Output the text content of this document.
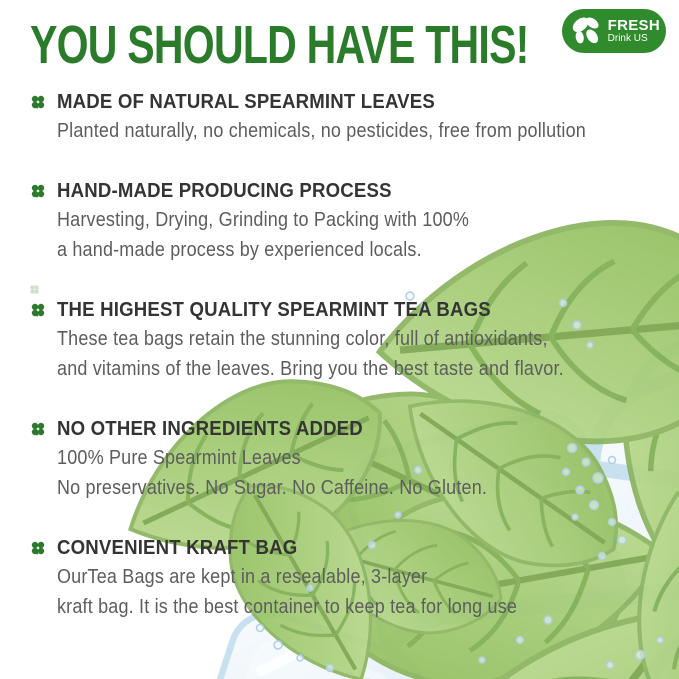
YOU SHOULD HAVE THIS!	FRESH
Drink US
MADE OF NATURAL SPEARMINT LEAVES

Planted naturally, no chemicals, no pesticides, free from pollution

HAND-MADE PRODUCING PROCESS

Harvesting, Drying, Grinding to Packing with 100%

a hand-made process by experienced locals.

THE HIGHEST QUALITY SPEARMINT TEA BAGS

These tea bags retain the stunning color, full of antioxidants,

and vitamins of the leaves. Bring you the best taste and flavor.

NO OTHER INGREDIENTS ADDED

100% Pure Spearmint Leaves

No preservatives. No Sugar. No Caffeine. No Gluten.

CONVENIENT KRAFT BAG

OurTea Bags are kept in a resealable, 3-layer

kraft bag. It is the best container to keep tea for long use
